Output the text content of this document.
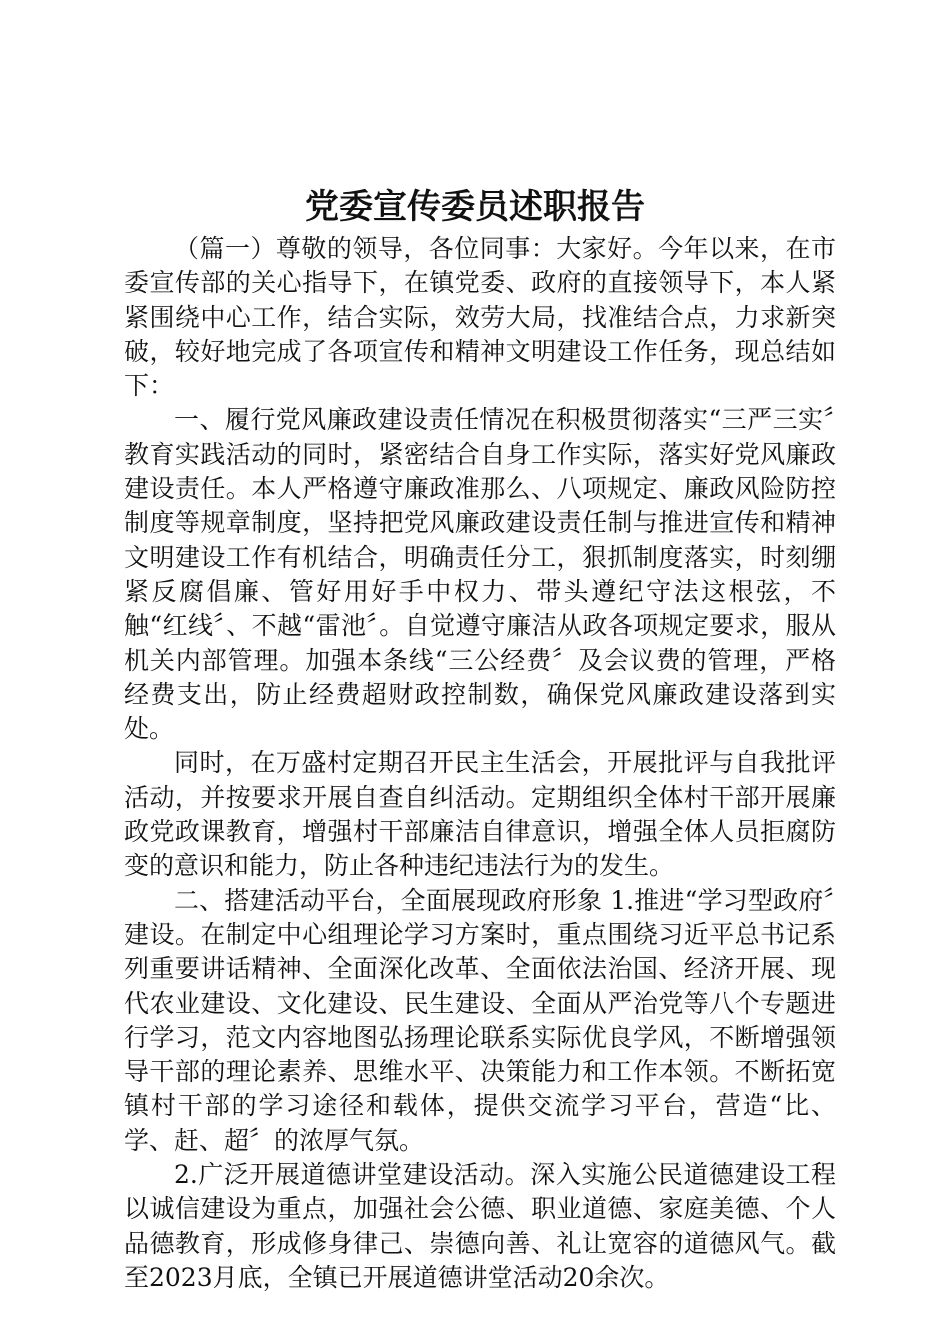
党委宣传委员述职报告

（篇一）尊敬的领导，各位同事：大家好。今年以来，在市委宣传部的关心指导下，在镇党委、政府的直接领导下，本人紧紧围绕中心工作，结合实际，效劳大局，找准结合点，力求新突破，较好地完成了各项宣传和精神文明建设工作任务，现总结如下：

一、履行党风廉政建设责任情况在积极贯彻落实“三严三实〞教育实践活动的同时，紧密结合自身工作实际，落实好党风廉政建设责任。本人严格遵守廉政准那么、八项规定、廉政风险防控制度等规章制度，坚持把党风廉政建设责任制与推进宣传和精神文明建设工作有机结合，明确责任分工，狠抓制度落实，时刻绷紧反腐倡廉、管好用好手中权力、带头遵纪守法这根弦，不触“红线〞、不越“雷池〞。自觉遵守廉洁从政各项规定要求，服从机关内部管理。加强本条线“三公经费〞及会议费的管理，严格经费支出，防止经费超财政控制数，确保党风廉政建设落到实处。

同时，在万盛村定期召开民主生活会，开展批评与自我批评活动，并按要求开展自查自纠活动。定期组织全体村干部开展廉政党政课教育，增强村干部廉洁自律意识，增强全体人员拒腐防变的意识和能力，防止各种违纪违法行为的发生。

二、搭建活动平台，全面展现政府形象 1.推进“学习型政府〞建设。在制定中心组理论学习方案时，重点围绕习近平总书记系列重要讲话精神、全面深化改革、全面依法治国、经济开展、现代农业建设、文化建设、民生建设、全面从严治党等八个专题进行学习，范文内容地图弘扬理论联系实际优良学风，不断增强领导干部的理论素养、思维水平、决策能力和工作本领。不断拓宽镇村干部的学习途径和载体，提供交流学习平台，营造“比、学、赶、超〞的浓厚气氛。

2.广泛开展道德讲堂建设活动。深入实施公民道德建设工程以诚信建设为重点，加强社会公德、职业道德、家庭美德、个人品德教育，形成修身律己、崇德向善、礼让宽容的道德风气。截至2023月底，全镇已开展道德讲堂活动20余次。
